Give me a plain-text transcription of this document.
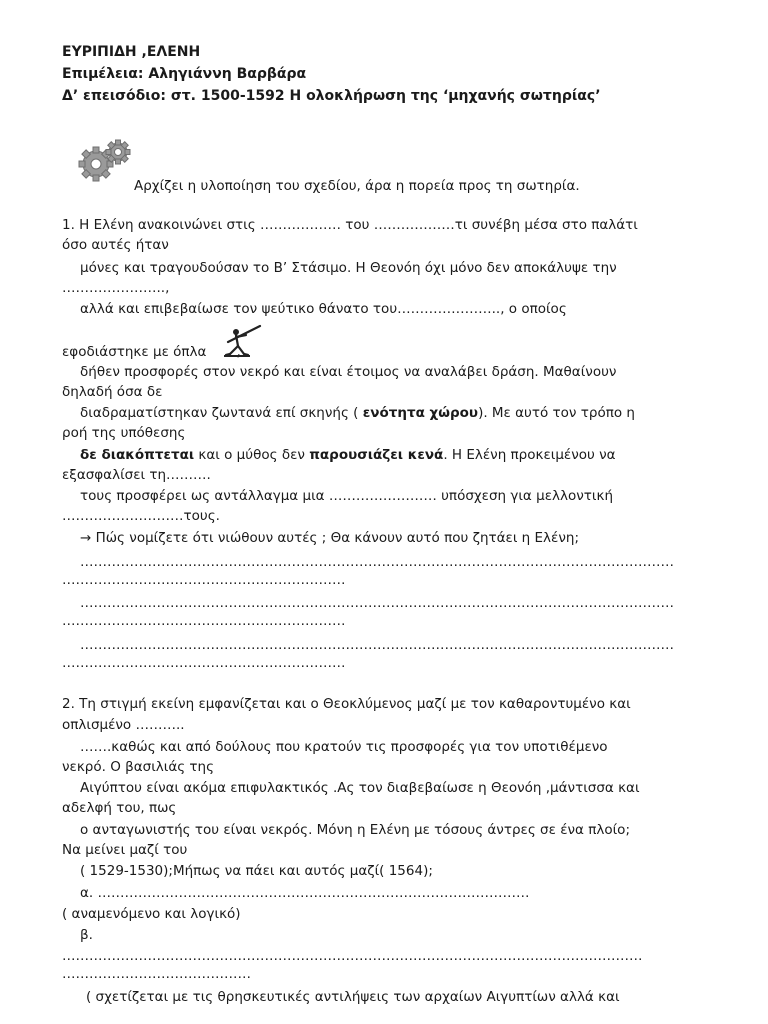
ΕΥΡΙΠΙΔΗ ,ΕΛΕΝΗ
Επιμέλεια: Αληγιάννη Βαρβάρα
Δ’ επεισόδιο: στ. 1500-1592 Η ολοκλήρωση της ‘μηχανής σωτηρίας’
Αρχίζει η υλοποίηση του σχεδίου, άρα η πορεία προς τη σωτηρία.
1. Η Ελένη ανακοινώνει στις ……………… του ………………τι συνέβη μέσα στο παλάτι
όσο αυτές ήταν
μόνες και τραγουδούσαν το Β’ Στάσιμο. Η Θεονόη όχι μόνο δεν αποκάλυψε την
…………………..,
αλλά και επιβεβαίωσε τον ψεύτικο θάνατο του………………….., ο οποίος
εφοδιάστηκε με όπλα ,
δήθεν προσφορές στον νεκρό και είναι έτοιμος να αναλάβει δράση. Μαθαίνουν
δηλαδή όσα δε
διαδραματίστηκαν ζωντανά επί σκηνής ( ενότητα χώρου). Με αυτό τον τρόπο η
ροή της υπόθεσης
δε διακόπτεται και ο μύθος δεν παρουσιάζει κενά. Η Ελένη προκειμένου να
εξασφαλίσει τη……….
τους προσφέρει ως αντάλλαγμα μια …………………… υπόσχεση για μελλοντική
………………………τους.
→ Πώς νομίζετε ότι νιώθουν αυτές ; Θα κάνουν αυτό που ζητάει η Ελένη;
……………………………………………………………………………………………………………………
………………………………………………………
……………………………………………………………………………………………………………………
………………………………………………………
……………………………………………………………………………………………………………………
………………………………………………………
2. Τη στιγμή εκείνη εμφανίζεται και ο Θεοκλύμενος μαζί με τον καθαροντυμένο και
οπλισμένο ………..
…….καθώς και από δούλους που κρατούν τις προσφορές για τον υποτιθέμενο
νεκρό. Ο βασιλιάς της
Αιγύπτου είναι ακόμα επιφυλακτικός .Ας τον διαβεβαίωσε η Θεονόη ,μάντισσα και
αδελφή του, πως
ο ανταγωνιστής του είναι νεκρός. Μόνη η Ελένη με τόσους άντρες σε ένα πλοίο;
Να μείνει μαζί του
( 1529-1530);Μήπως να πάει και αυτός μαζί( 1564);
α. ……………………………………………………………………………………
( αναμενόμενο και λογικό)
β.
…………………………………………………………………………………………………………………
……………………………………
( σχετίζεται με τις θρησκευτικές αντιλήψεις των αρχαίων Αιγυπτίων αλλά και
